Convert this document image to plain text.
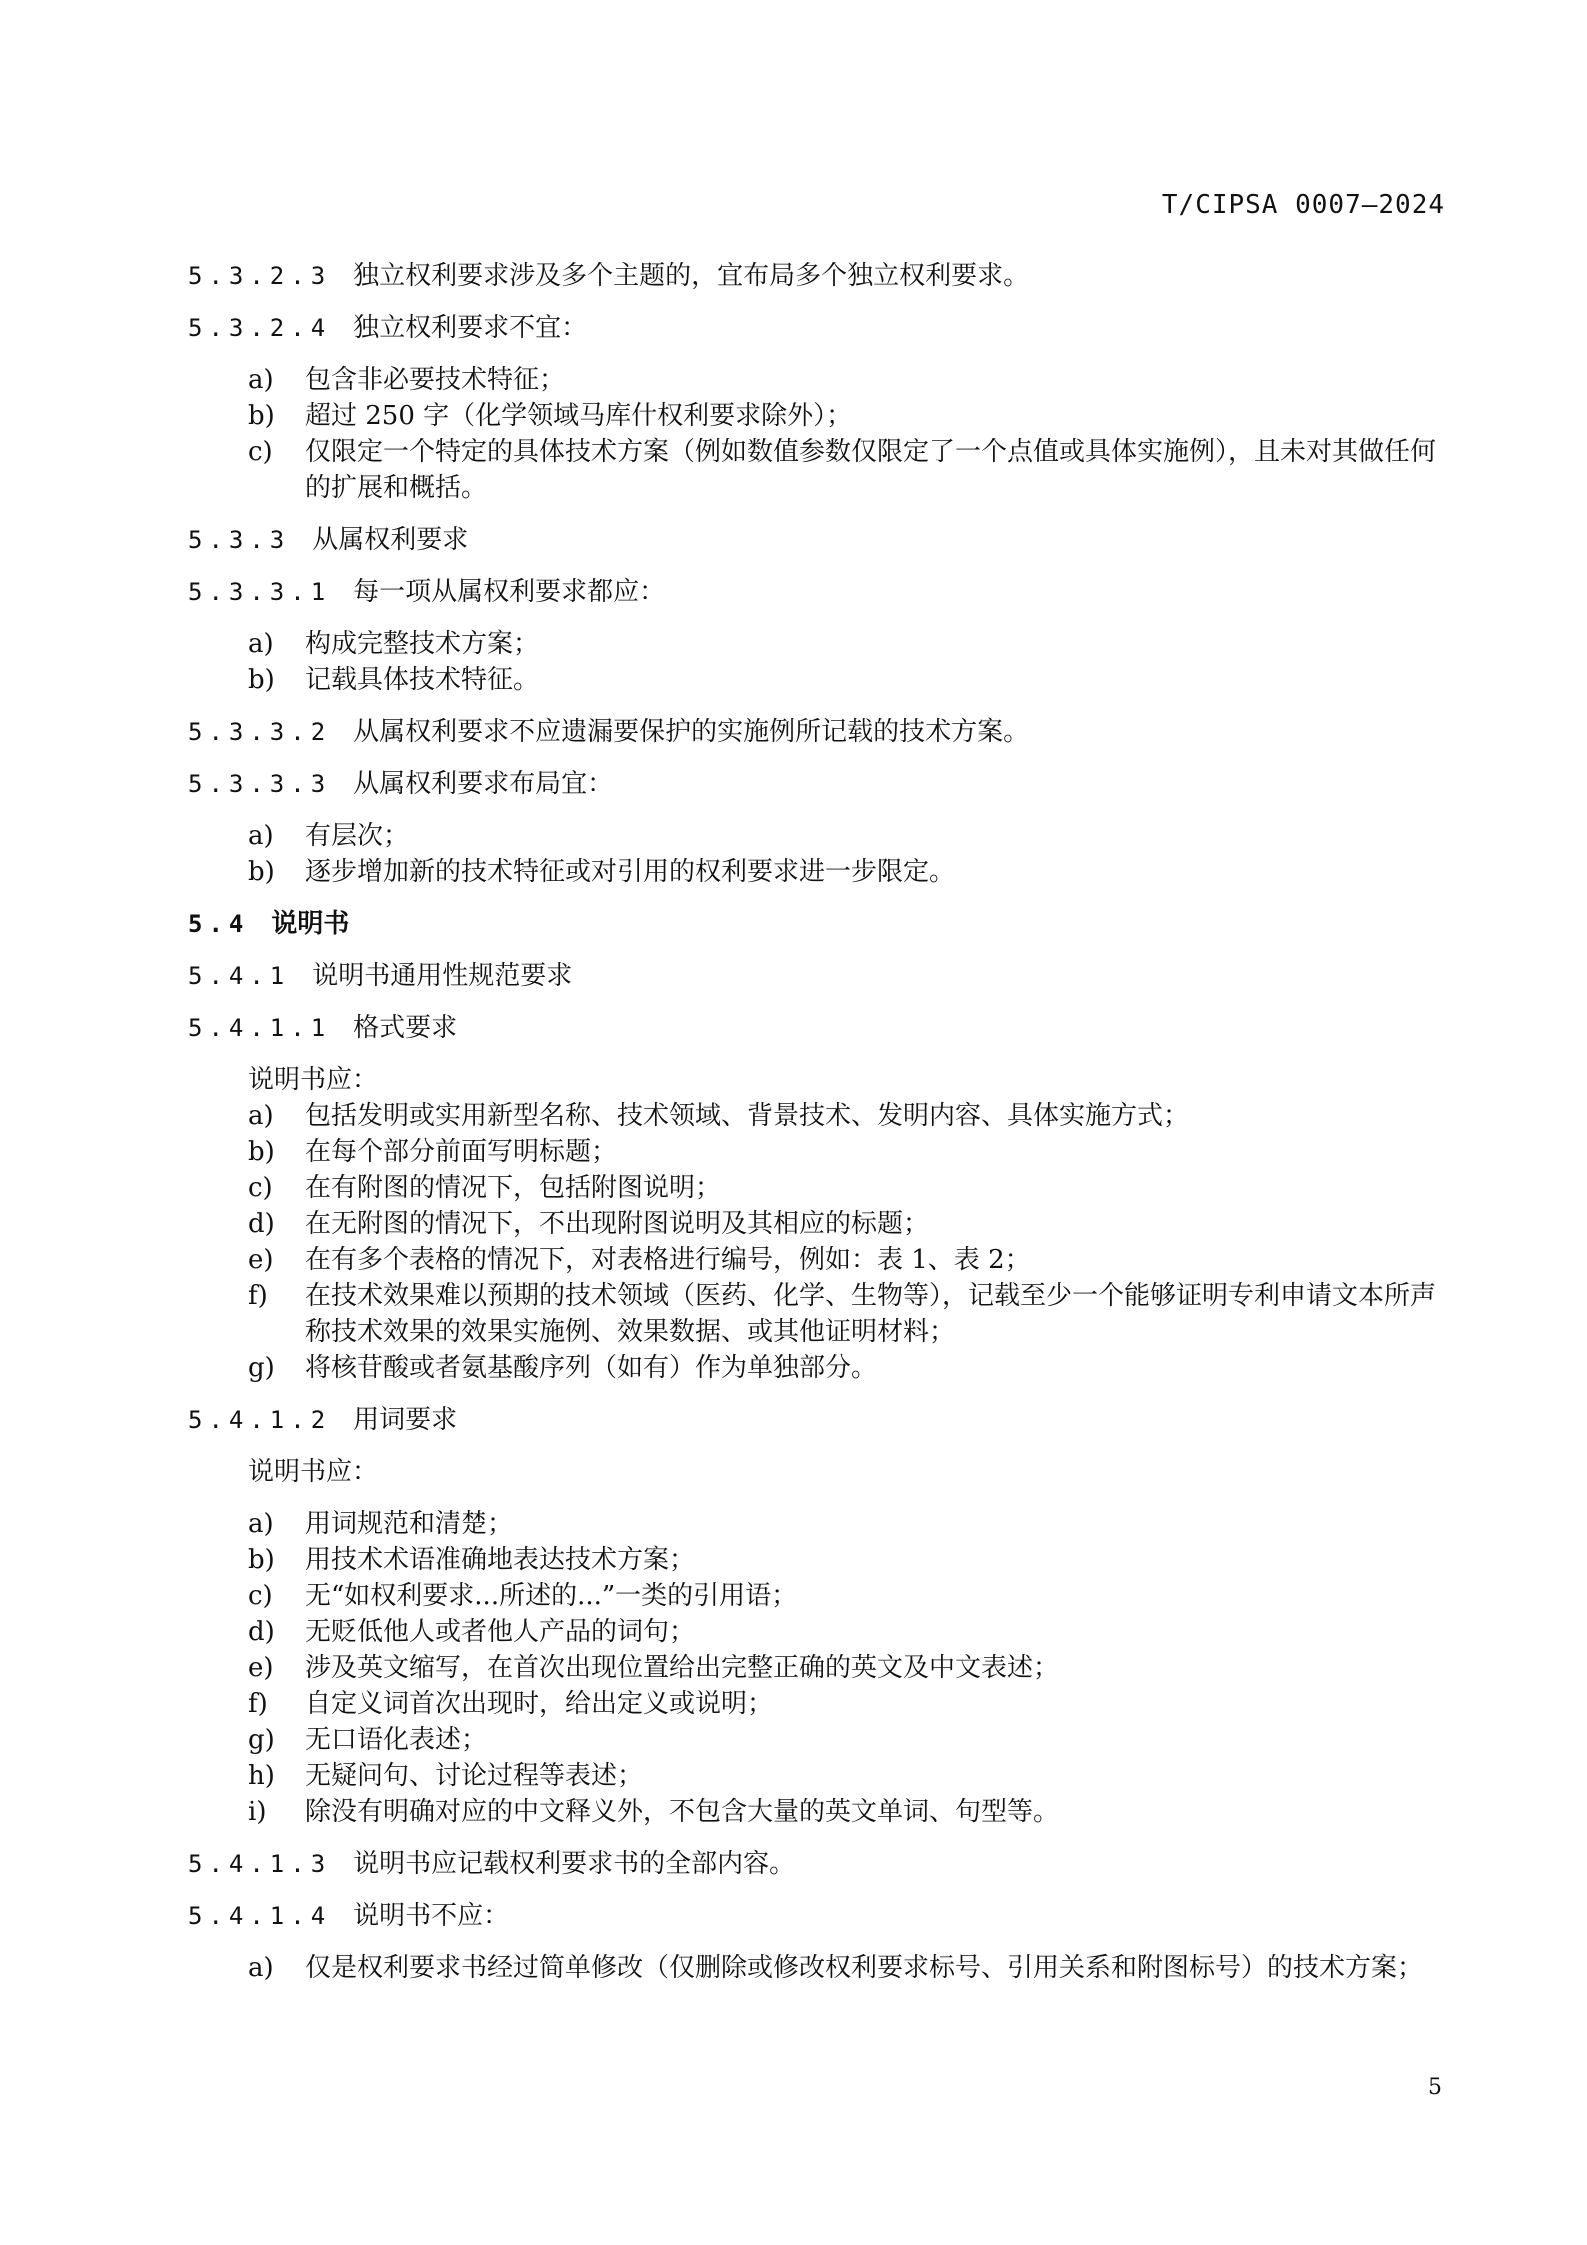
T/CIPSA 0007—2024
5.3.2.3 独立权利要求涉及多个主题的，宜布局多个独立权利要求。
5.3.2.4 独立权利要求不宜：
a)	包含非必要技术特征；
b)	超过 250 字（化学领域马库什权利要求除外）；
c)	仅限定一个特定的具体技术方案（例如数值参数仅限定了一个点值或具体实施例），且未对其做任何的扩展和概括。
5.3.3 从属权利要求
5.3.3.1 每一项从属权利要求都应：
a)	构成完整技术方案；
b)	记载具体技术特征。
5.3.3.2 从属权利要求不应遗漏要保护的实施例所记载的技术方案。
5.3.3.3 从属权利要求布局宜：
a)	有层次；
b)	逐步增加新的技术特征或对引用的权利要求进一步限定。
5.4 说明书
5.4.1 说明书通用性规范要求
5.4.1.1 格式要求
说明书应：
a)	包括发明或实用新型名称、技术领域、背景技术、发明内容、具体实施方式；
b)	在每个部分前面写明标题；
c)	在有附图的情况下，包括附图说明；
d)	在无附图的情况下，不出现附图说明及其相应的标题；
e)	在有多个表格的情况下，对表格进行编号，例如：表 1、表 2；
f)	在技术效果难以预期的技术领域（医药、化学、生物等），记载至少一个能够证明专利申请文本所声称技术效果的效果实施例、效果数据、或其他证明材料；
g)	将核苷酸或者氨基酸序列（如有）作为单独部分。
5.4.1.2 用词要求
说明书应：
a)	用词规范和清楚；
b)	用技术术语准确地表达技术方案；
c)	无“如权利要求...所述的...”一类的引用语；
d)	无贬低他人或者他人产品的词句；
e)	涉及英文缩写，在首次出现位置给出完整正确的英文及中文表述；
f)	自定义词首次出现时，给出定义或说明；
g)	无口语化表述；
h)	无疑问句、讨论过程等表述；
i)	除没有明确对应的中文释义外，不包含大量的英文单词、句型等。
5.4.1.3 说明书应记载权利要求书的全部内容。
5.4.1.4 说明书不应：
a)	仅是权利要求书经过简单修改（仅删除或修改权利要求标号、引用关系和附图标号）的技术方案；
5
